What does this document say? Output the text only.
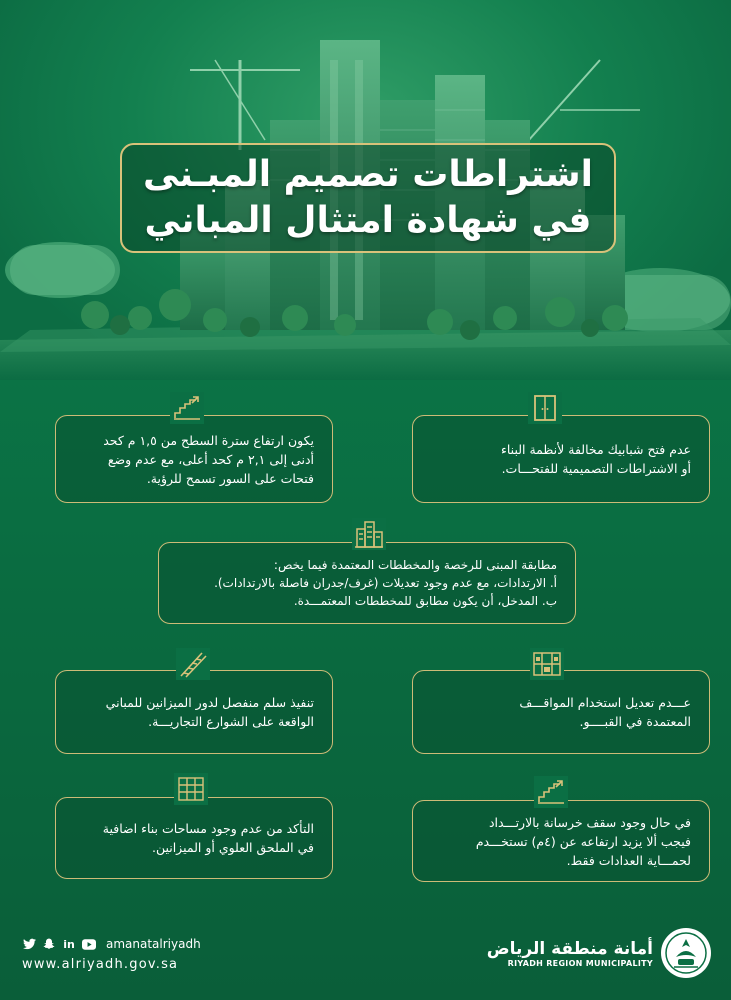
اشتراطات تصميم المبـنى
في شهادة امتثال المباني

عدم فتح شبابيك مخالفة لأنظمة البناء

أو الاشتراطات التصميمية للفتحـــات.

يكون ارتفاع سترة السطح من ١,٥ م كحد

أدنى إلى ٢,١ م كحد أعلى، مع عدم وضع

فتحات على السور تسمح للرؤية.

مطابقة المبنى للرخصة والمخططات المعتمدة فيما يخص:

أ. الارتدادات، مع عدم وجود تعديلات (غرف/جدران فاصلة بالارتدادات).

ب. المدخل، أن يكون مطابق للمخططات المعتمـــدة.

عـــدم تعديل استخدام المواقـــف

المعتمدة في القبــــو.

تنفيذ سلم منفصل لدور الميزانين للمباني

الواقعة على الشوارع التجاريـــة.

في حال وجود سقف خرسانة بالارتـــداد

فيجب ألا يزيد ارتفاعه عن (٤م) تستخـــدم

لحمـــاية العدادات فقط.

التأكد من عدم وجود مساحات بناء اضافية

في الملحق العلوي أو الميزانين.

in	amanatalriyadh
www.alriyadh.gov.sa
أمانة منطقة الرياض
RIYADH REGION MUNICIPALITY
